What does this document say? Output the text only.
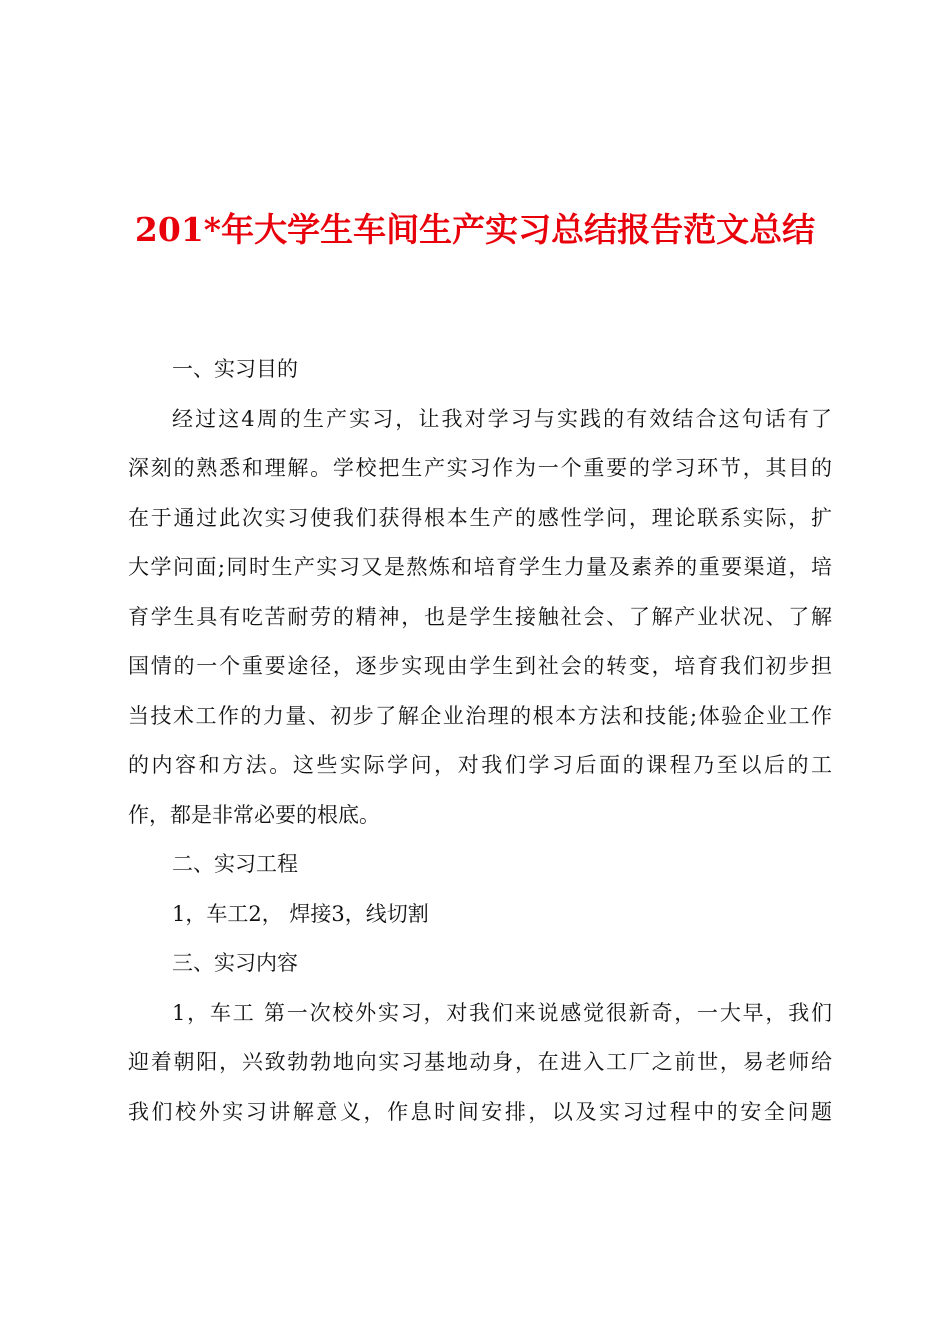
201*年大学生车间生产实习总结报告范文总结
一、实习目的
经过这4周的生产实习，让我对学习与实践的有效结合这句话有了
深刻的熟悉和理解。学校把生产实习作为一个重要的学习环节，其目的
在于通过此次实习使我们获得根本生产的感性学问，理论联系实际，扩
大学问面;同时生产实习又是熬炼和培育学生力量及素养的重要渠道，培
育学生具有吃苦耐劳的精神，也是学生接触社会、了解产业状况、了解
国情的一个重要途径，逐步实现由学生到社会的转变，培育我们初步担
当技术工作的力量、初步了解企业治理的根本方法和技能;体验企业工作
的内容和方法。这些实际学问，对我们学习后面的课程乃至以后的工
作，都是非常必要的根底。
二、实习工程
1，车工2， 焊接3，线切割
三、实习内容
1，车工 第一次校外实习，对我们来说感觉很新奇，一大早，我们
迎着朝阳，兴致勃勃地向实习基地动身，在进入工厂之前世，易老师给
我们校外实习讲解意义，作息时间安排，以及实习过程中的安全问题
